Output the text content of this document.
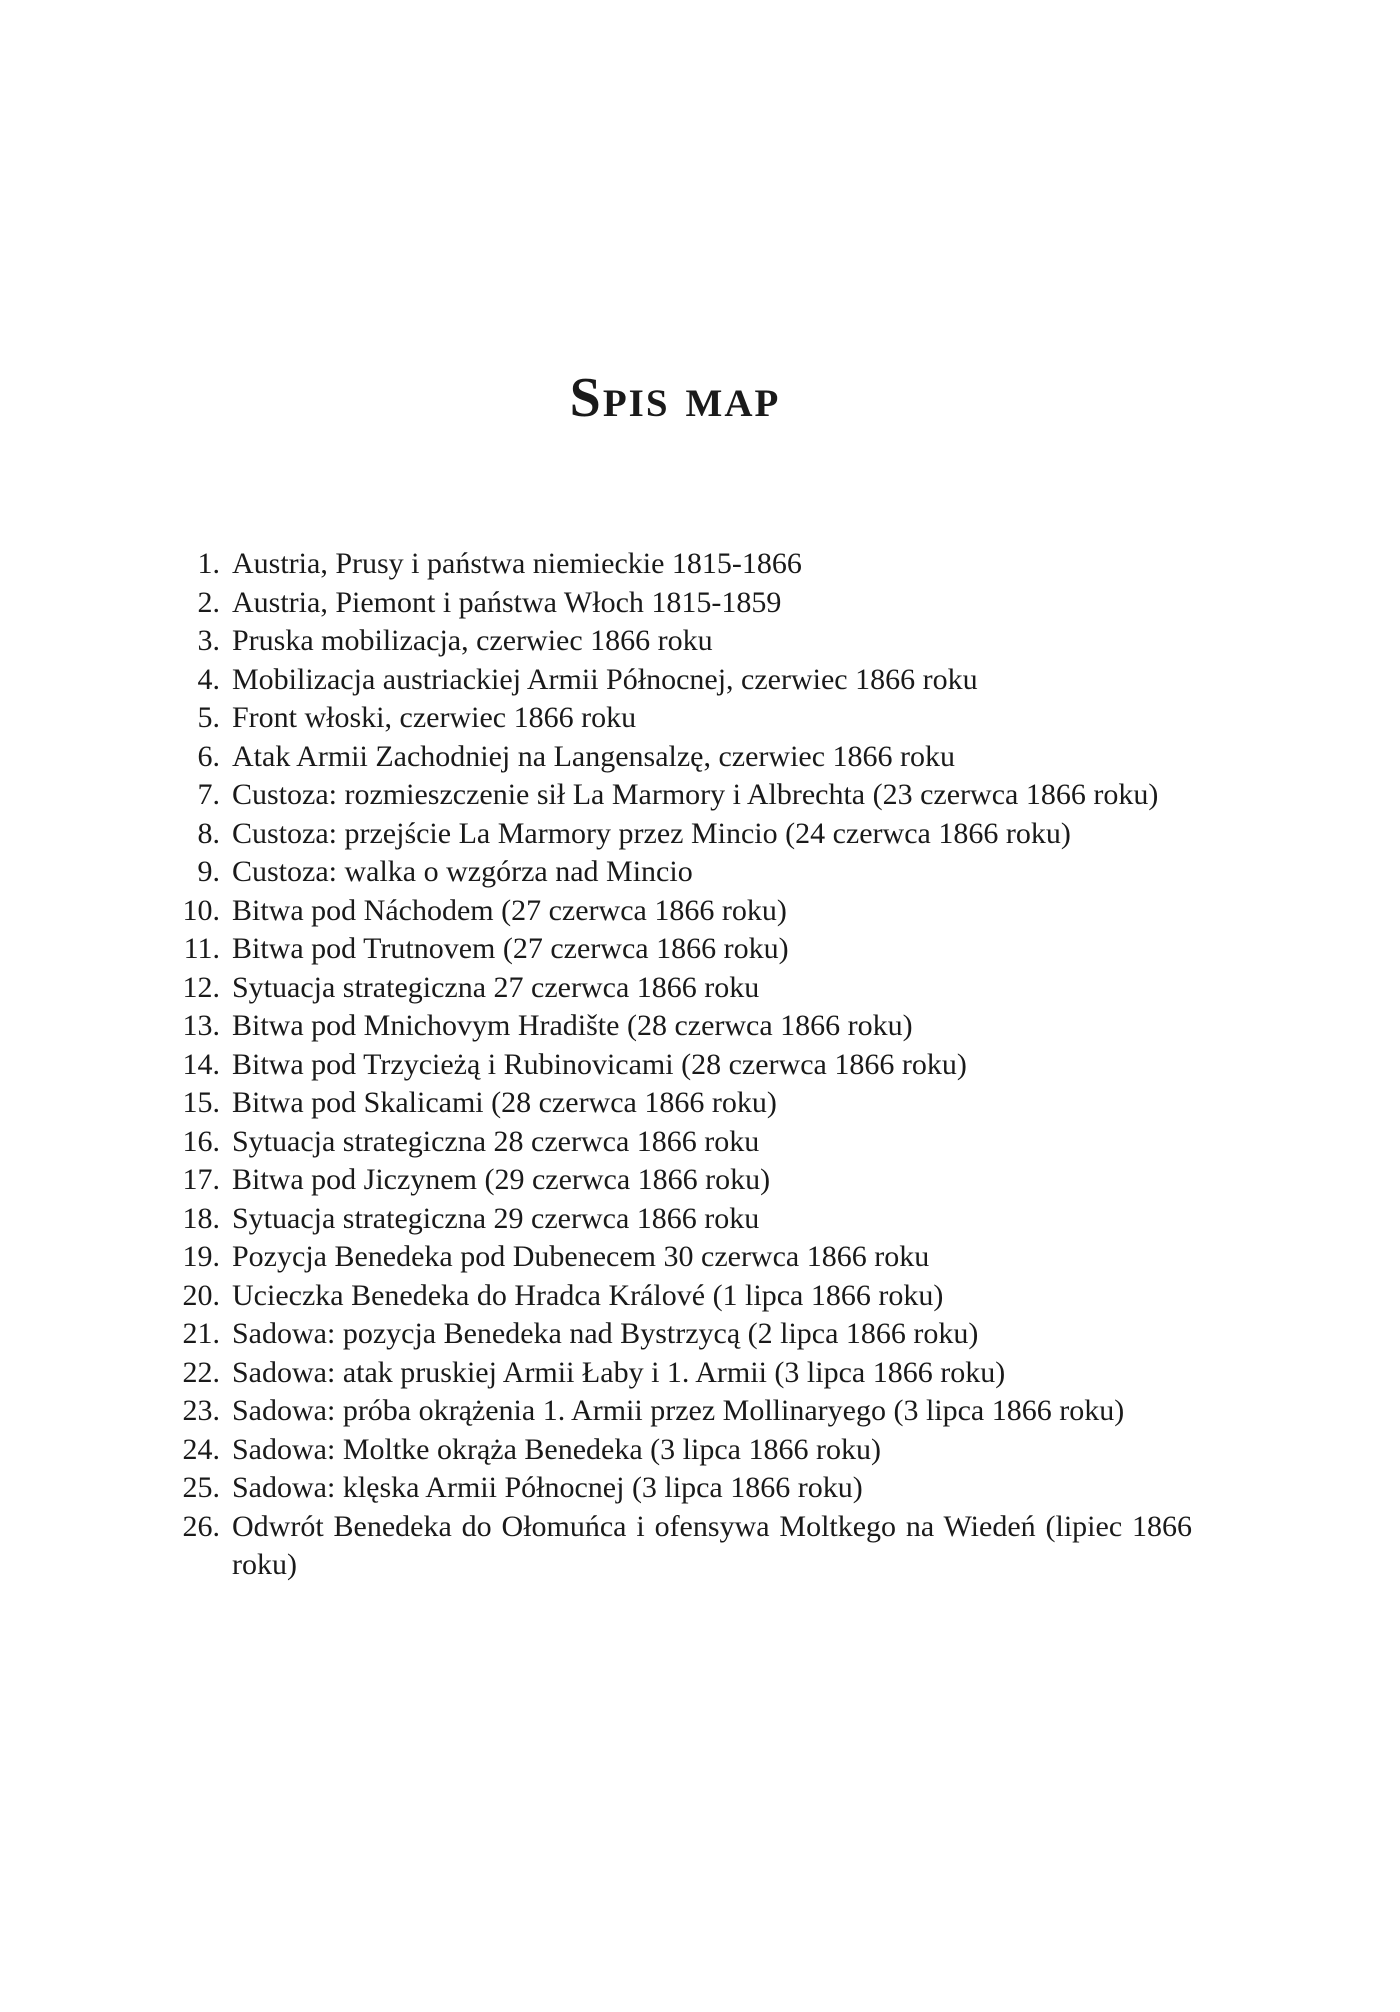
Spis map
1. Austria, Prusy i państwa niemieckie 1815-1866
2. Austria, Piemont i państwa Włoch 1815-1859
3. Pruska mobilizacja, czerwiec 1866 roku
4. Mobilizacja austriackiej Armii Północnej, czerwiec 1866 roku
5. Front włoski, czerwiec 1866 roku
6. Atak Armii Zachodniej na Langensalzę, czerwiec 1866 roku
7. Custoza: rozmieszczenie sił La Marmory i Albrechta (23 czerwca 1866 roku)
8. Custoza: przejście La Marmory przez Mincio (24 czerwca 1866 roku)
9. Custoza: walka o wzgórza nad Mincio
10. Bitwa pod Náchodem (27 czerwca 1866 roku)
11. Bitwa pod Trutnovem (27 czerwca 1866 roku)
12. Sytuacja strategiczna 27 czerwca 1866 roku
13. Bitwa pod Mnichovym Hradište (28 czerwca 1866 roku)
14. Bitwa pod Trzycieżą i Rubinovicami (28 czerwca 1866 roku)
15. Bitwa pod Skalicami (28 czerwca 1866 roku)
16. Sytuacja strategiczna 28 czerwca 1866 roku
17. Bitwa pod Jiczynem (29 czerwca 1866 roku)
18. Sytuacja strategiczna 29 czerwca 1866 roku
19. Pozycja Benedeka pod Dubenecem 30 czerwca 1866 roku
20. Ucieczka Benedeka do Hradca Králové (1 lipca 1866 roku)
21. Sadowa: pozycja Benedeka nad Bystrzycą (2 lipca 1866 roku)
22. Sadowa: atak pruskiej Armii Łaby i 1. Armii (3 lipca 1866 roku)
23. Sadowa: próba okrążenia 1. Armii przez Mollinaryego (3 lipca 1866 roku)
24. Sadowa: Moltke okrąża Benedeka (3 lipca 1866 roku)
25. Sadowa: klęska Armii Północnej (3 lipca 1866 roku)
26. Odwrót Benedeka do Ołomuńca i ofensywa Moltkego na Wiedeń (lipiec 1866 roku)
